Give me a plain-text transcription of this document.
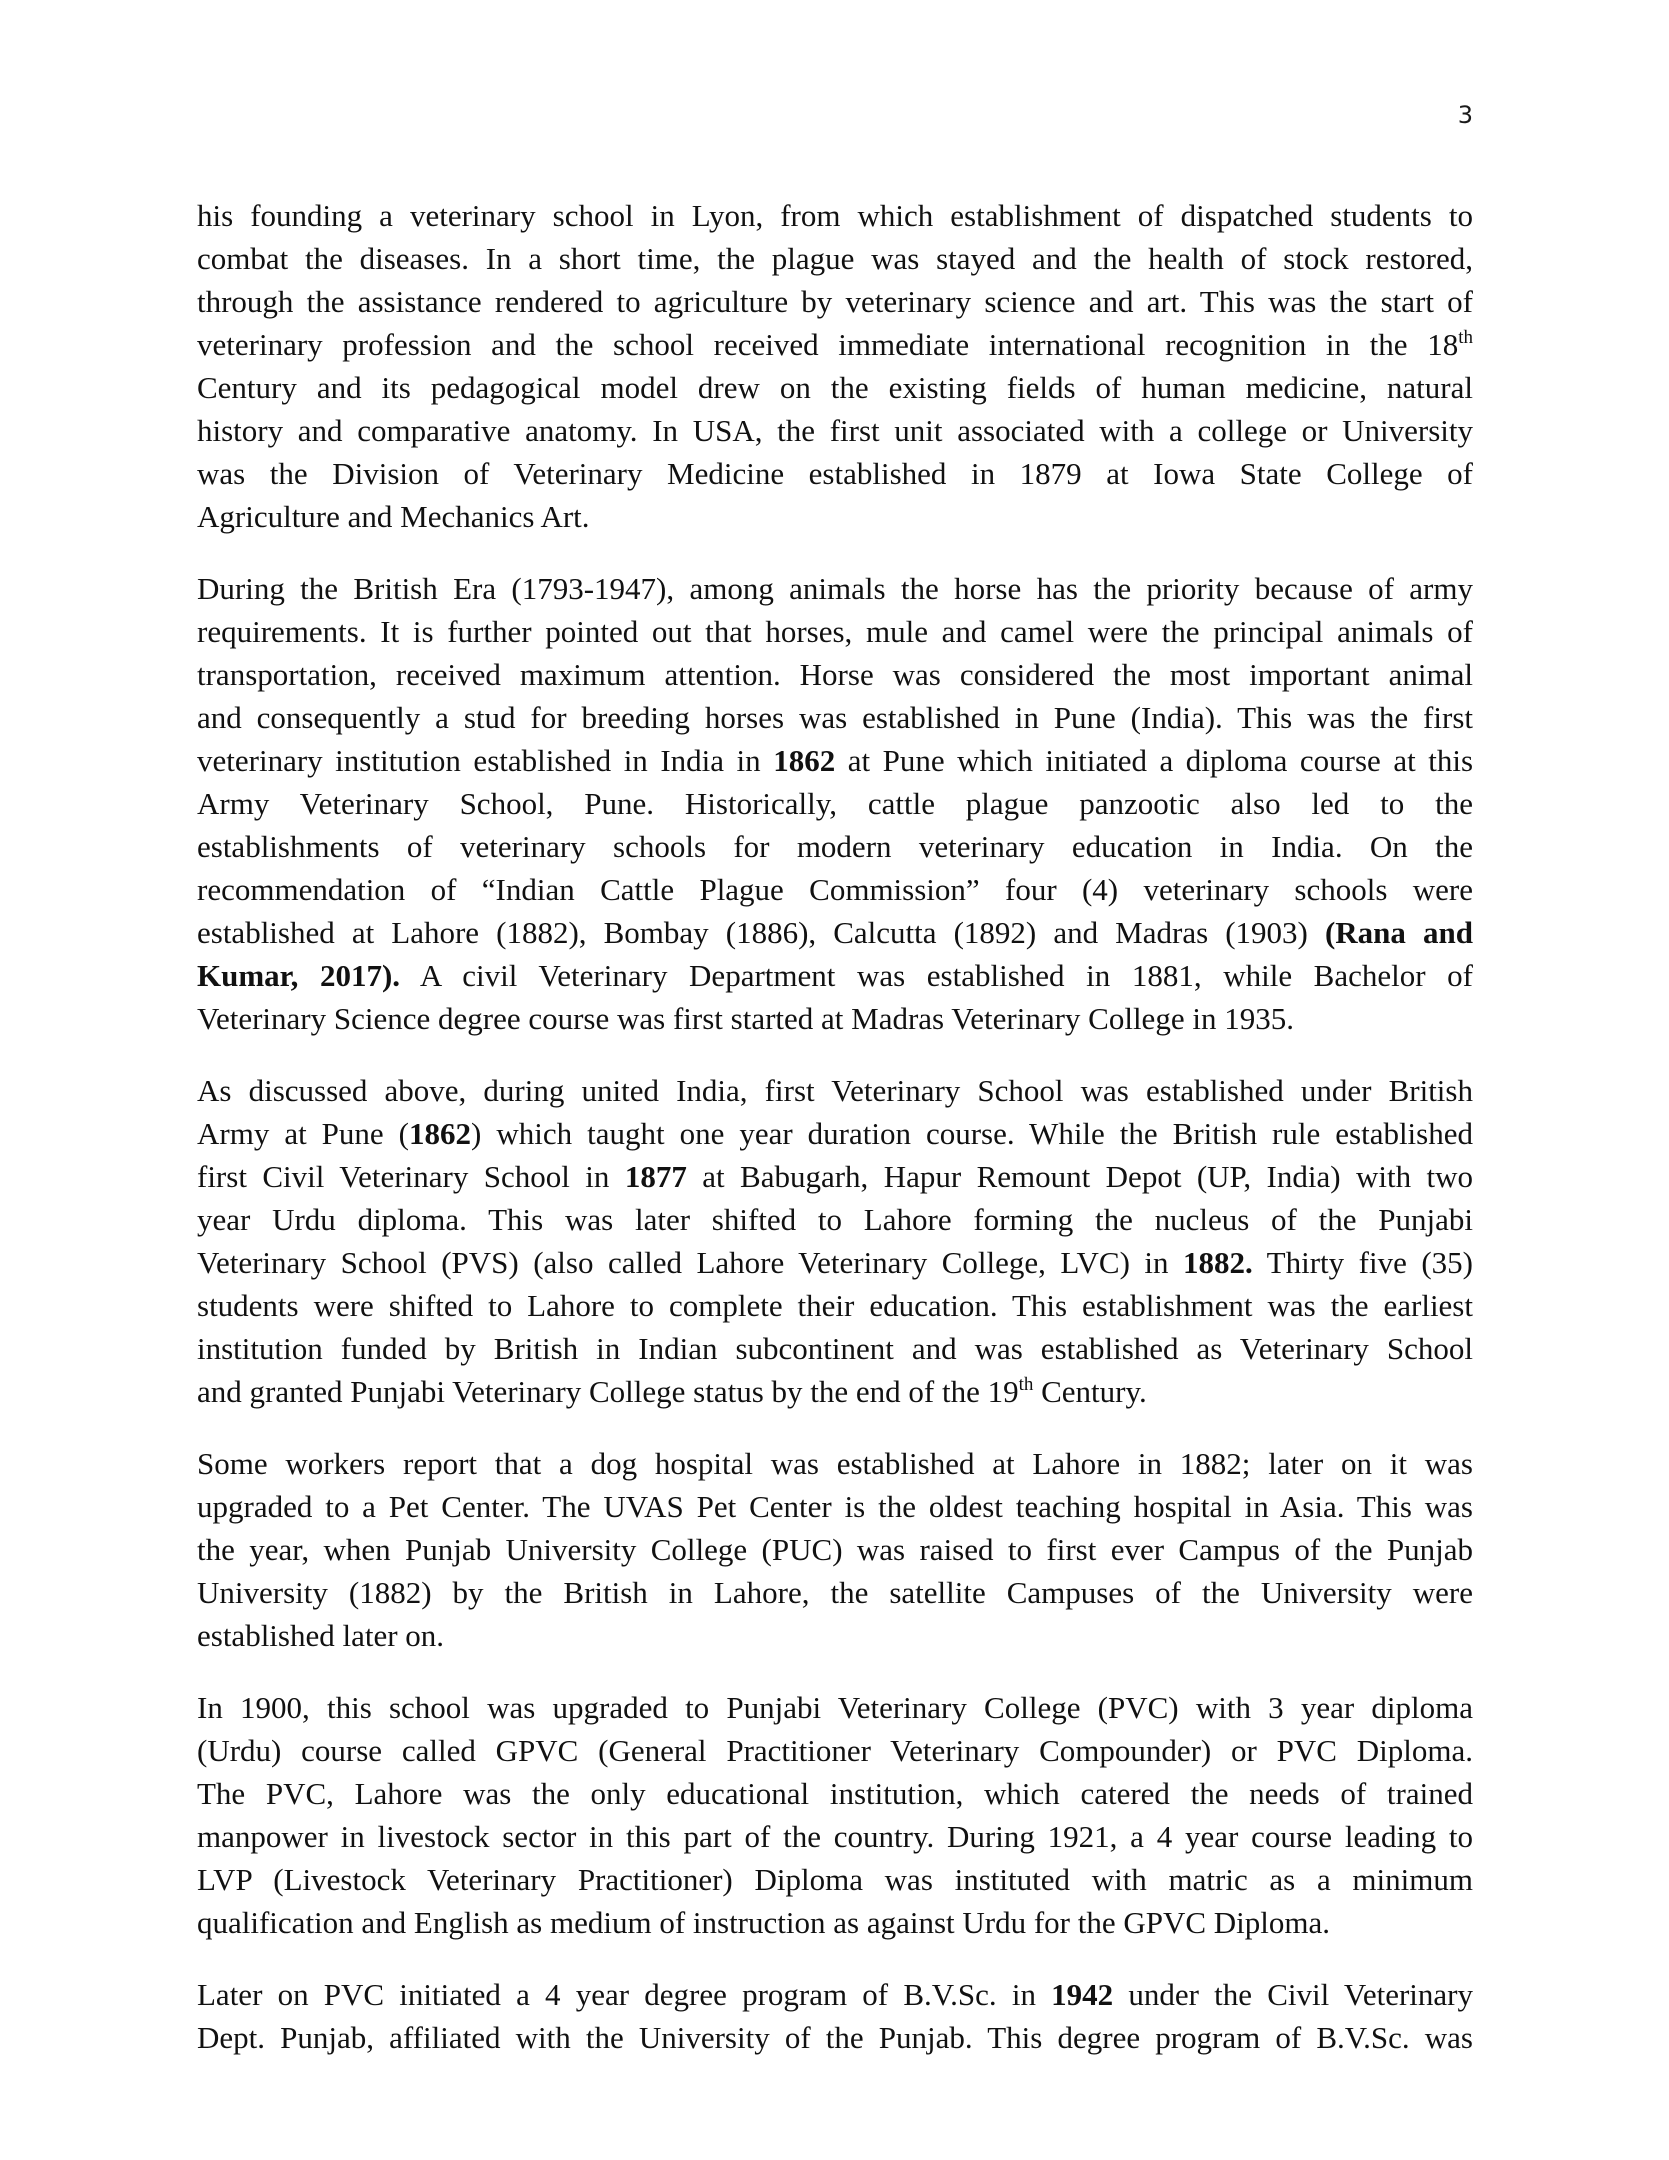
3
his founding a veterinary school in Lyon, from which establishment of dispatched students to
combat the diseases. In a short time, the plague was stayed and the health of stock restored,
through the assistance rendered to agriculture by veterinary science and art. This was the start of
veterinary profession and the school received immediate international recognition in the 18th
Century and its pedagogical model drew on the existing fields of human medicine, natural
history and comparative anatomy. In USA, the first unit associated with a college or University
was the Division of Veterinary Medicine established in 1879 at Iowa State College of
Agriculture and Mechanics Art.
During the British Era (1793-1947), among animals the horse has the priority because of army
requirements. It is further pointed out that horses, mule and camel were the principal animals of
transportation, received maximum attention. Horse was considered the most important animal
and consequently a stud for breeding horses was established in Pune (India). This was the first
veterinary institution established in India in 1862 at Pune which initiated a diploma course at this
Army Veterinary School, Pune. Historically, cattle plague panzootic also led to the
establishments of veterinary schools for modern veterinary education in India. On the
recommendation of “Indian Cattle Plague Commission” four (4) veterinary schools were
established at Lahore (1882), Bombay (1886), Calcutta (1892) and Madras (1903) (Rana and
Kumar, 2017). A civil Veterinary Department was established in 1881, while Bachelor of
Veterinary Science degree course was first started at Madras Veterinary College in 1935.
As discussed above, during united India, first Veterinary School was established under British
Army at Pune (1862) which taught one year duration course. While the British rule established
first Civil Veterinary School in 1877 at Babugarh, Hapur Remount Depot (UP, India) with two
year Urdu diploma. This was later shifted to Lahore forming the nucleus of the Punjabi
Veterinary School (PVS) (also called Lahore Veterinary College, LVC) in 1882. Thirty five (35)
students were shifted to Lahore to complete their education. This establishment was the earliest
institution funded by British in Indian subcontinent and was established as Veterinary School
and granted Punjabi Veterinary College status by the end of the 19th Century.
Some workers report that a dog hospital was established at Lahore in 1882; later on it was
upgraded to a Pet Center. The UVAS Pet Center is the oldest teaching hospital in Asia. This was
the year, when Punjab University College (PUC) was raised to first ever Campus of the Punjab
University (1882) by the British in Lahore, the satellite Campuses of the University were
established later on.
In 1900, this school was upgraded to Punjabi Veterinary College (PVC) with 3 year diploma
(Urdu) course called GPVC (General Practitioner Veterinary Compounder) or PVC Diploma.
The PVC, Lahore was the only educational institution, which catered the needs of trained
manpower in livestock sector in this part of the country. During 1921, a 4 year course leading to
LVP (Livestock Veterinary Practitioner) Diploma was instituted with matric as a minimum
qualification and English as medium of instruction as against Urdu for the GPVC Diploma.
Later on PVC initiated a 4 year degree program of B.V.Sc. in 1942 under the Civil Veterinary
Dept. Punjab, affiliated with the University of the Punjab. This degree program of B.V.Sc. was
